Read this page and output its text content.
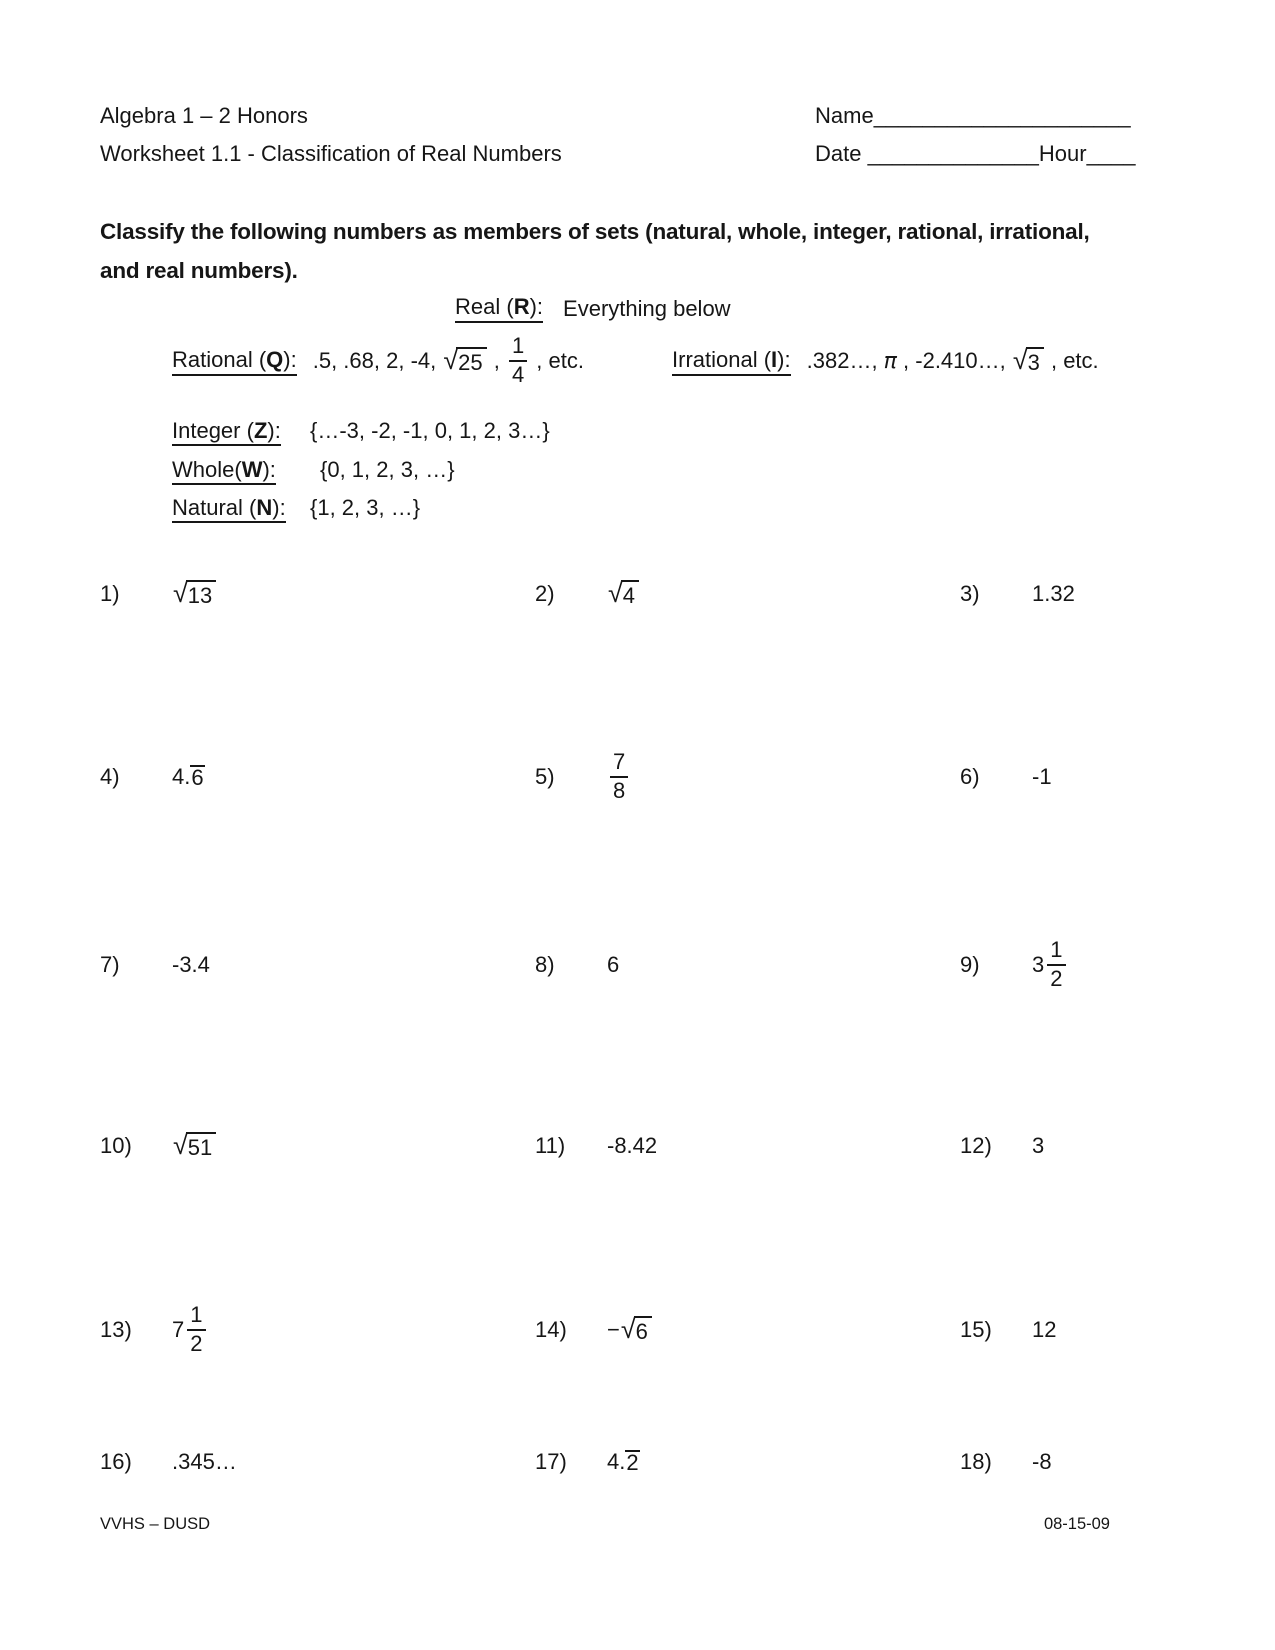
Algebra 1 – 2 Honors
Worksheet 1.1 - Classification of Real Numbers
Name_____________________
Date ______________Hour____
Classify the following numbers as members of sets (natural, whole, integer, rational, irrational,
and real numbers).
Real (R): Everything below
Rational (Q): .5, .68, 2, -4, √ 25 , $\frac{1}{4}$ , etc.	Irrational (I): .382…, π , -2.410…, √ 3 , etc.
Integer (Z):	{…-3, -2, -1, 0, 1, 2, 3…}
Whole(W):	{0, 1, 2, 3, …}
Natural (N):	{1, 2, 3, …}
1)	√ 13	2)	√ 4	3)	1.32
4)	4. 6	5)	$\frac{7}{8}$	6)	-1
7)	-3.4	8)	6	9)	$3 \frac{1}{2}$
10)	√ 51	11)	-8.42	12)	3
13)	$7 \frac{1}{2}$	14)	− √ 6	15)	12
16)	.345…	17)	4. 2	18)	-8
VVHS – DUSD	08-15-09
